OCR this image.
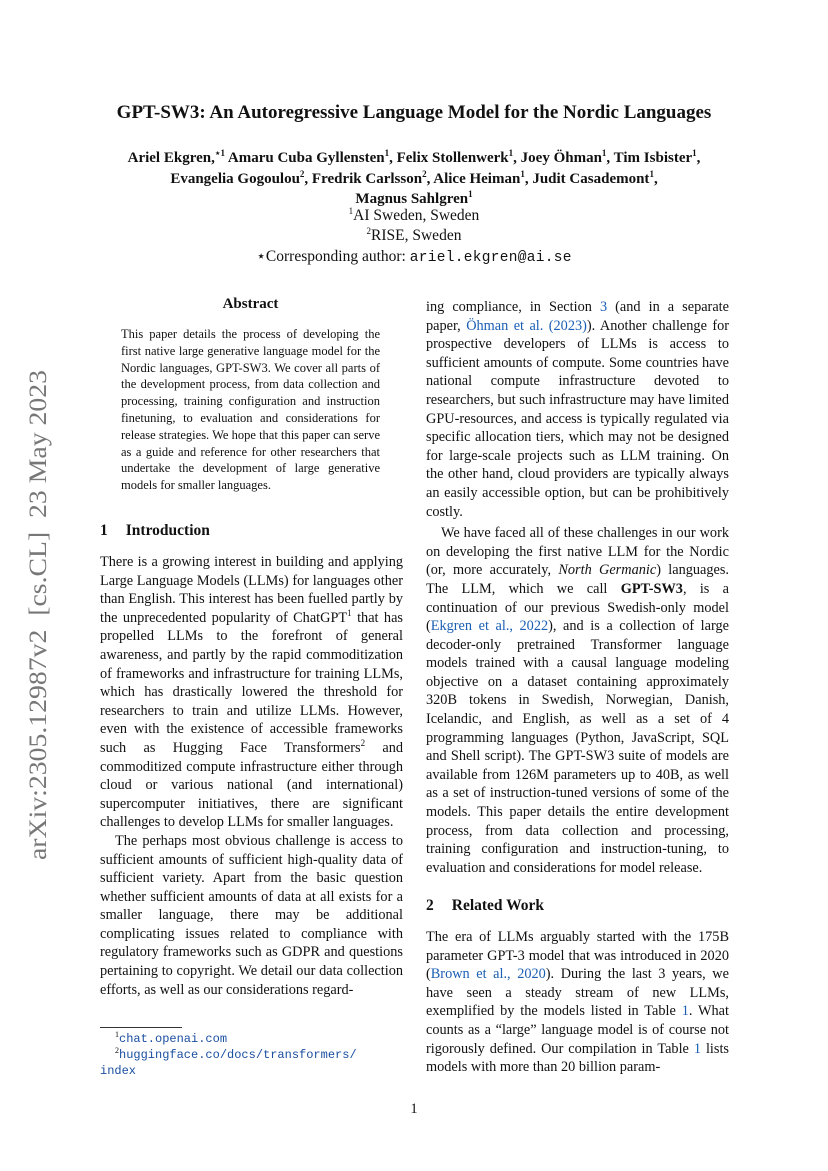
arXiv:2305.12987v2  [cs.CL]  23 May 2023
GPT-SW3: An Autoregressive Language Model for the Nordic Languages
Ariel Ekgren,$^{⋆1}$ Amaru Cuba Gyllensten$^1$, Felix Stollenwerk$^1$, Joey Öhman$^1$, Tim Isbister$^1$,
Evangelia Gogoulou$^2$, Fredrik Carlsson$^2$, Alice Heiman$^1$, Judit Casademont$^1$,
Magnus Sahlgren$^1$
$^1$AI Sweden, Sweden
$^2$RISE, Sweden
⋆Corresponding author: ariel.ekgren@ai.se
Abstract
This paper details the process of developing the first native large generative language model for the Nordic languages, GPT-SW3. We cover all parts of the development process, from data collection and processing, training configuration and instruction finetuning, to evaluation and considerations for release strategies. We hope that this paper can serve as a guide and reference for other researchers that undertake the development of large generative models for smaller languages.
1 Introduction

There is a growing interest in building and applying Large Language Models (LLMs) for languages other than English. This interest has been fuelled partly by the unprecedented popularity of ChatGPT$^1$ that has propelled LLMs to the forefront of general awareness, and partly by the rapid commoditization of frameworks and infrastructure for training LLMs, which has drastically lowered the threshold for researchers to train and utilize LLMs. However, even with the existence of accessible frameworks such as Hugging Face Transformers$^2$ and commoditized compute infrastructure either through cloud or various national (and international) supercomputer initiatives, there are significant challenges to develop LLMs for smaller languages.

The perhaps most obvious challenge is access to sufficient amounts of sufficient high-quality data of sufficient variety. Apart from the basic question whether sufficient amounts of data at all exists for a smaller language, there may be additional complicating issues related to compliance with regulatory frameworks such as GDPR and questions pertaining to copyright. We detail our data collection efforts, as well as our considerations regard-

$^1$chat.openai.com
$^2$huggingface.co/docs/transformers/
index

ing compliance, in Section 3 (and in a separate paper, Öhman et al. (2023)). Another challenge for prospective developers of LLMs is access to sufficient amounts of compute. Some countries have national compute infrastructure devoted to researchers, but such infrastructure may have limited GPU-resources, and access is typically regulated via specific allocation tiers, which may not be designed for large-scale projects such as LLM training. On the other hand, cloud providers are typically always an easily accessible option, but can be prohibitively costly.

We have faced all of these challenges in our work on developing the first native LLM for the Nordic (or, more accurately, North Germanic) languages. The LLM, which we call GPT-SW3, is a continuation of our previous Swedish-only model (Ekgren et al., 2022), and is a collection of large decoder-only pretrained Transformer language models trained with a causal language modeling objective on a dataset containing approximately 320B tokens in Swedish, Norwegian, Danish, Icelandic, and English, as well as a set of 4 programming languages (Python, JavaScript, SQL and Shell script). The GPT-SW3 suite of models are available from 126M parameters up to 40B, as well as a set of instruction-tuned versions of some of the models. This paper details the entire development process, from data collection and processing, training configuration and instruction-tuning, to evaluation and considerations for model release.

2 Related Work

The era of LLMs arguably started with the 175B parameter GPT-3 model that was introduced in 2020 (Brown et al., 2020). During the last 3 years, we have seen a steady stream of new LLMs, exemplified by the models listed in Table 1. What counts as a “large” language model is of course not rigorously defined. Our compilation in Table 1 lists models with more than 20 billion param-

1
